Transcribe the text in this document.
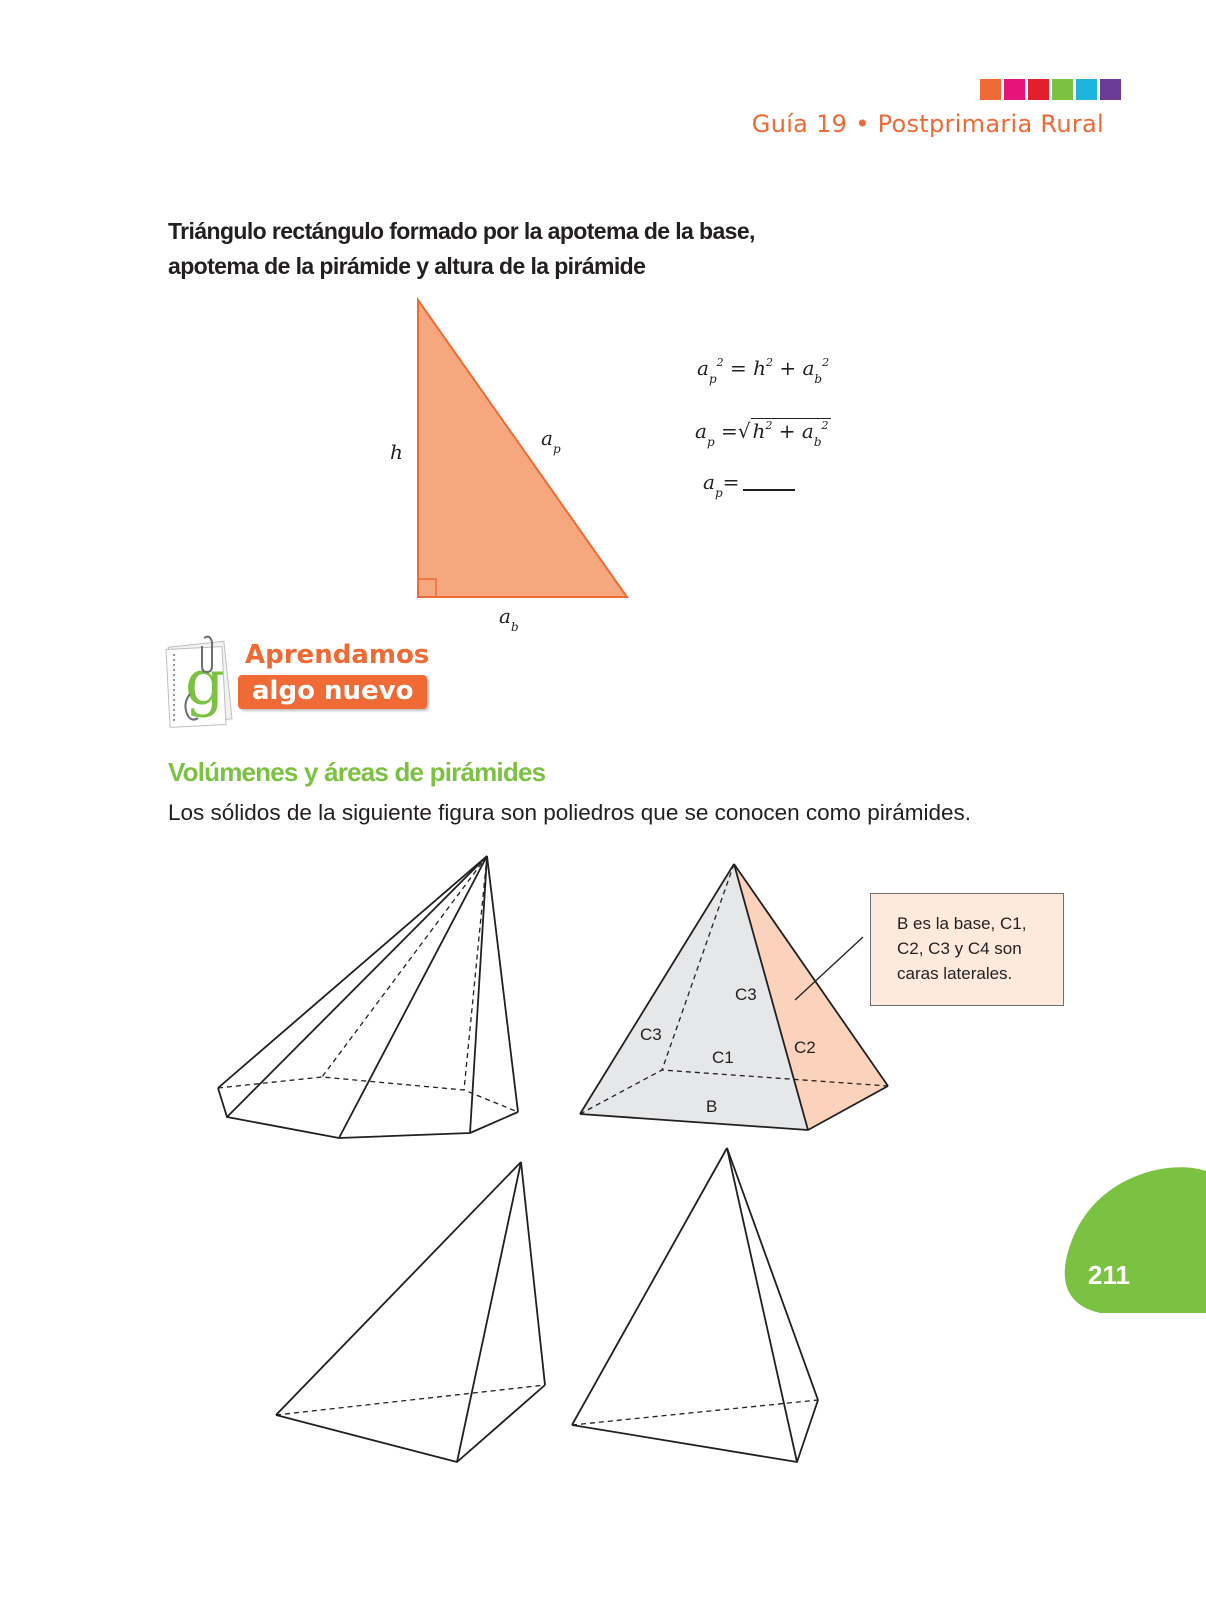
Guía 19 • Postprimaria Rural
Triángulo rectángulo formado por la apotema de la base,
apotema de la pirámide y altura de la pirámide
h
$a_p$
$a_b$
$a_p^2 = h^2 + a_b^2$
$a_p$ =√ $h^2 + a_b^2$
$a_p=$
g Aprendamos
algo nuevo
Volúmenes y áreas de pirámides
Los sólidos de la siguiente figura son poliedros que se conocen como pirámides.
C3
C3
C1
C2
B
B es la base, C1,
C2, C3 y C4 son
caras laterales.
211
